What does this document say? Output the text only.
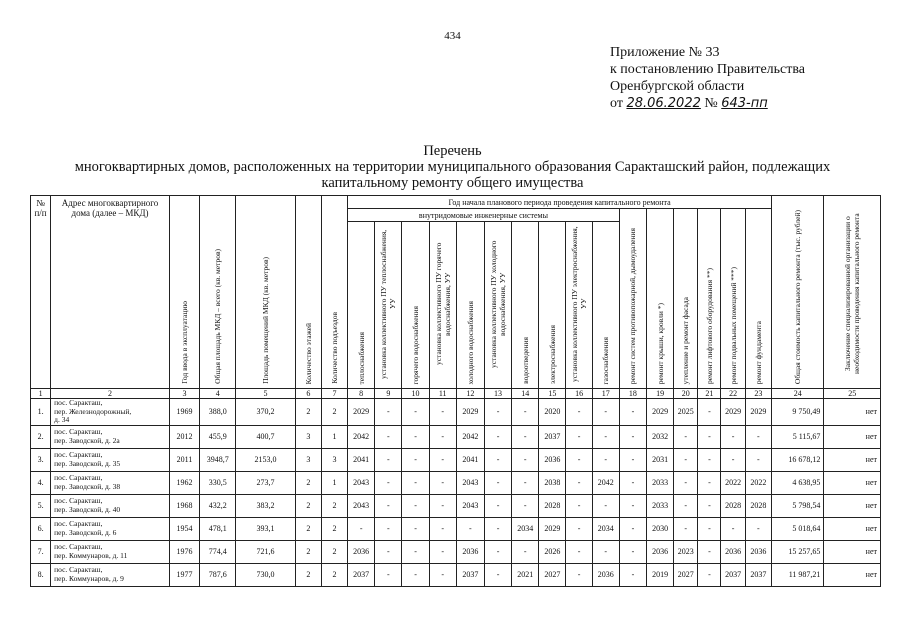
434
Приложение № 33
к постановлению Правительства
Оренбургской области
от 28.06.2022 № 643-пп
Перечень
многоквартирных домов, расположенных на территории муниципального образования Саракташский район, подлежащих
капитальному ремонту общего имущества
№ п/п	Адрес многоквартирного дома (далее – МКД)	Год ввода в эксплуатацию	Общая площадь МКД – всего (кв. метров)	Площадь помещений МКД (кв. метров)	Количество этажей	Количество подъездов	Год начала планового периода проведения капитального ремонта																Общая стоимость капитального ремонта (тыс. рублей)	Заключение специализированной организации о необходимости проведения капитального ремонта
							внутридомовые инженерные системы										ремонт систем противопожарной, дымоудаления	ремонт крыши, кровли *)	утепление и ремонт фасада	ремонт лифтового оборудования **)	ремонт подвальных помещений ***)	ремонт фундамента		
							теплоснабжения	установка коллективного ПУ теплоснабжения, УУ	горячего водоснабжения	установка коллективного ПУ горячего водоснабжения, УУ	холодного водоснабжения	установка коллективного ПУ холодного водоснабжения, УУ	водоотведения	электроснабжения	установка коллективного ПУ электроснабжения, УУ	газоснабжения								
1	2	3	4	5	6	7	8	9	10	11	12	13	14	15	16	17	18	19	20	21	22	23	24	25
1.	пос. Саракташ,
пер. Железнодорожный,
д. 34	1969	388,0	370,2	2	2	2029	-	-	-	2029	-	-	2020	-	-	-	2029	2025	-	2029	2029	9 750,49	нет
2.	пос. Саракташ,
пер. Заводской, д. 2а	2012	455,9	400,7	3	1	2042	-	-	-	2042	-	-	2037	-	-	-	2032	-	-	-	-	5 115,67	нет
3.	пос. Саракташ,
пер. Заводской, д. 35	2011	3948,7	2153,0	3	3	2041	-	-	-	2041	-	-	2036	-	-	-	2031	-	-	-	-	16 678,12	нет
4.	пос. Саракташ,
пер. Заводской, д. 38	1962	330,5	273,7	2	1	2043	-	-	-	2043	-	-	2038	-	2042	-	2033	-	-	2022	2022	4 638,95	нет
5.	пос. Саракташ,
пер. Заводской, д. 40	1968	432,2	383,2	2	2	2043	-	-	-	2043	-	-	2028	-	-	-	2033	-	-	2028	2028	5 798,54	нет
6.	пос. Саракташ,
пер. Заводской, д. 6	1954	478,1	393,1	2	2	-	-	-	-	-	-	2034	2029	-	2034	-	2030	-	-	-	-	5 018,64	нет
7.	пос. Саракташ,
пер. Коммунаров, д. 11	1976	774,4	721,6	2	2	2036	-	-	-	2036	-	-	2026	-	-	-	2036	2023	-	2036	2036	15 257,65	нет
8.	пос. Саракташ,
пер. Коммунаров, д. 9	1977	787,6	730,0	2	2	2037	-	-	-	2037	-	2021	2027	-	2036	-	2019	2027	-	2037	2037	11 987,21	нет
